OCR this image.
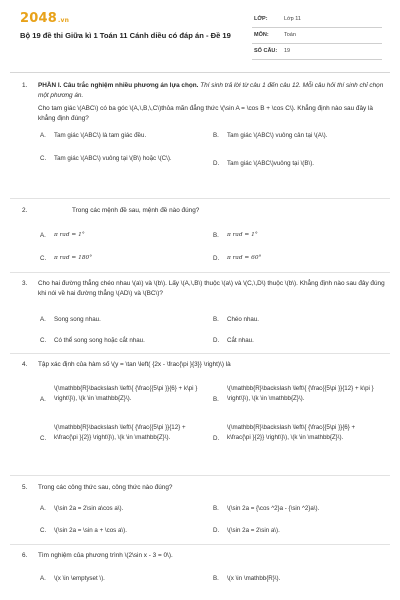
2048.vn
Bộ 19 đề thi Giữa kì 1 Toán 11 Cánh diều có đáp án - Đề 19
LỚP:	Lớp 11
MÔN:	Toán
SỐ CÂU: 19
1. PHẦN I. Câu trắc nghiệm nhiều phương án lựa chọn. Thí sinh trả lời từ câu 1 đến câu 12. Mỗi câu hỏi thí sinh chỉ chọn một phương án.
Cho tam giác \(ABC\) có ba góc \(A,\,B,\,C\)thỏa mãn đẳng thức \(\sin A = \cos B + \cos C\). Khẳng định nào sau đây là khẳng định đúng?
A. Tam giác \(ABC\) là tam giác đều.	B. Tam giác \(ABC\) vuông cân tại \(A\).
C. Tam giác \(ABC\) vuông tại \(B\) hoặc \(C\).
D. Tam giác \(ABC\)vuông tại \(B\).
2.	Trong các mệnh đề sau, mệnh đề nào đúng?
A. π rad = 1°	B. π rad = 1°
C. π rad = 180°	D. π rad = 60°
3. Cho hai đường thẳng chéo nhau \(a\) và \(b\). Lấy \(A,\,B\) thuộc \(a\) và \(C,\,D\) thuộc \(b\). Khẳng định nào sau đây đúng khi nói về hai đường thẳng \(AD\) và \(BC\)?
A. Song song nhau.	B. Chéo nhau.
C. Có thể song song hoặc cắt nhau.	D. Cắt nhau.
4. Tập xác định của hàm số \(y = \tan \left( {2x - \frac{\pi }{3}} \right)\) là
A.
\(\mathbb{R}\backslash \left\{ {\frac{{5\pi }}{6} + k\pi } \right\}\), \(k \in \mathbb{Z}\).	B.
\(\mathbb{R}\backslash \left\{ {\frac{{5\pi }}{12} + k\pi } \right\}\), \(k \in \mathbb{Z}\).
C.
\(\mathbb{R}\backslash \left\{ {\frac{{5\pi }}{12} + k\frac{\pi }{2}} \right\}\), \(k \in \mathbb{Z}\).	D.
\(\mathbb{R}\backslash \left\{ {\frac{{5\pi }}{6} + k\frac{\pi }{2}} \right\}\), \(k \in \mathbb{Z}\).
5. Trong các công thức sau, công thức nào đúng?
A. \(\sin 2a = 2\sin a\cos a\).	B. \(\sin 2a = {\cos ^2}a - {\sin ^2}a\).
C. \(\sin 2a = \sin a + \cos a\).	D. \(\sin 2a = 2\sin a\).
6. Tìm nghiệm của phương trình \(2\sin x - 3 = 0\).
A. \(x \in \emptyset \).	B. \(x \in \mathbb{R}\).
